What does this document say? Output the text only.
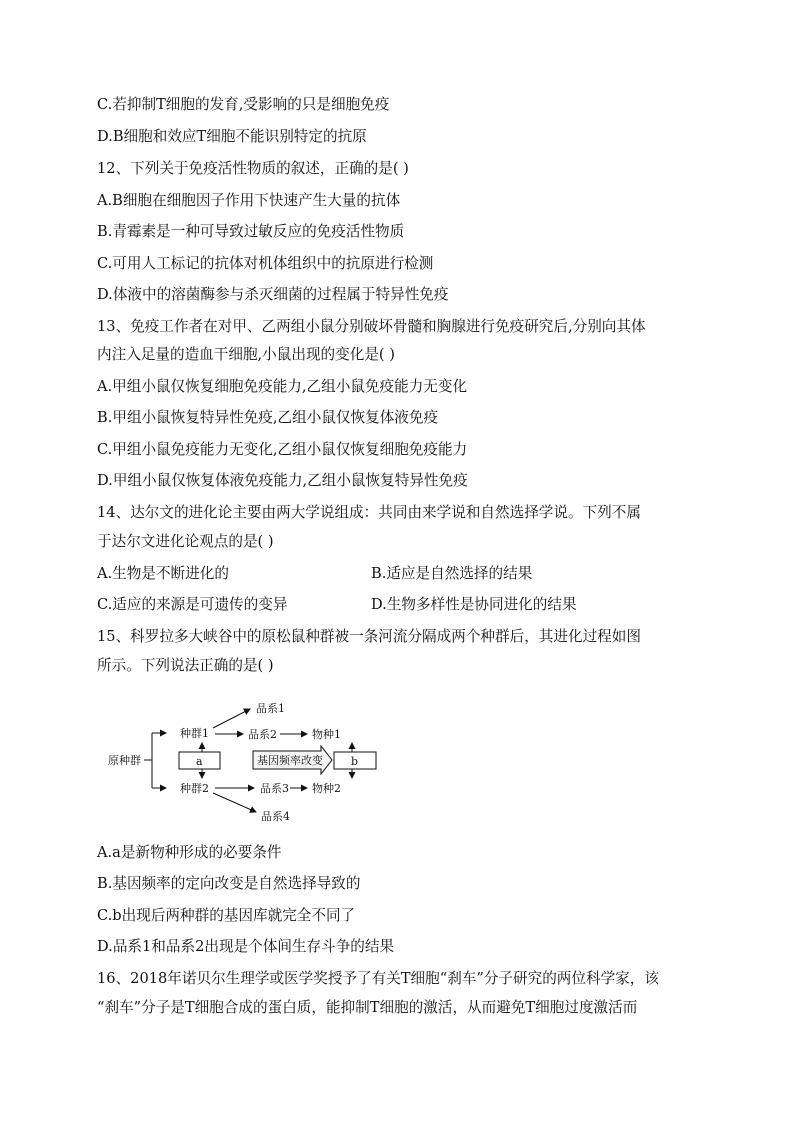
C.若抑制T细胞的发育,受影响的只是细胞免疫
D.B细胞和效应T细胞不能识别特定的抗原
12、下列关于免疫活性物质的叙述，正确的是( )
A.B细胞在细胞因子作用下快速产生大量的抗体
B.青霉素是一种可导致过敏反应的免疫活性物质
C.可用人工标记的抗体对机体组织中的抗原进行检测
D.体液中的溶菌酶参与杀灭细菌的过程属于特异性免疫
13、免疫工作者在对甲、乙两组小鼠分别破坏骨髓和胸腺进行免疫研究后,分别向其体
内注入足量的造血干细胞,小鼠出现的变化是( )
A.甲组小鼠仅恢复细胞免疫能力,乙组小鼠免疫能力无变化
B.甲组小鼠恢复特异性免疫,乙组小鼠仅恢复体液免疫
C.甲组小鼠免疫能力无变化,乙组小鼠仅恢复细胞免疫能力
D.甲组小鼠仅恢复体液免疫能力,乙组小鼠恢复特异性免疫
14、达尔文的进化论主要由两大学说组成：共同由来学说和自然选择学说。下列不属
于达尔文进化论观点的是( )
A.生物是不断进化的	B.适应是自然选择的结果
C.适应的来源是可遗传的变异	D.生物多样性是协同进化的结果
15、科罗拉多大峡谷中的原松鼠种群被一条河流分隔成两个种群后，其进化过程如图
所示。下列说法正确的是( )
原种群
种群1
种群2
a
品系1
品系2	物种1
基因频率改变	b
品系3 物种2
品系4
A.a是新物种形成的必要条件
B.基因频率的定向改变是自然选择导致的
C.b出现后两种群的基因库就完全不同了
D.品系1和品系2出现是个体间生存斗争的结果
16、2018年诺贝尔生理学或医学奖授予了有关T细胞“刹车”分子研究的两位科学家，该
“刹车”分子是T细胞合成的蛋白质，能抑制T细胞的激活，从而避免T细胞过度激活而
